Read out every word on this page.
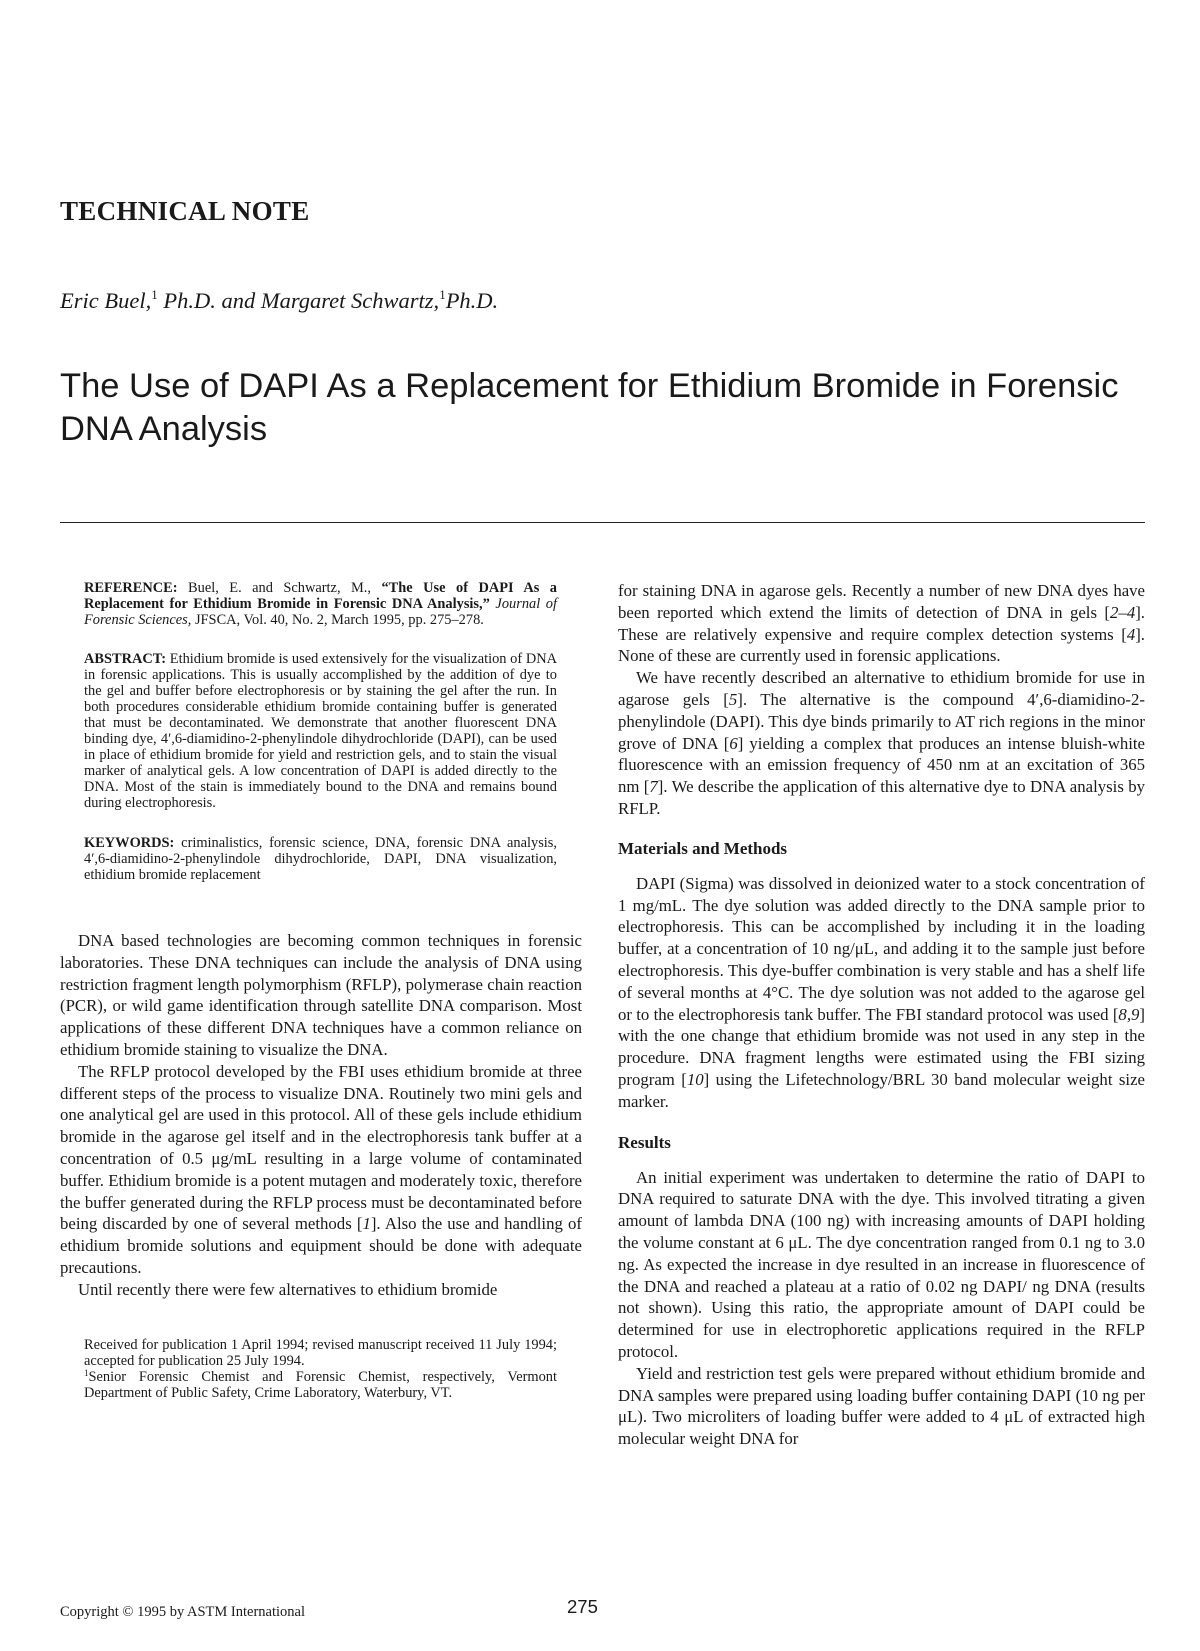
TECHNICAL NOTE
Eric Buel,$^1$ Ph.D. and Margaret Schwartz,$^1$Ph.D.
The Use of DAPI As a Replacement for Ethidium Bromide in Forensic DNA Analysis

REFERENCE: Buel, E. and Schwartz, M., “The Use of DAPI As a Replacement for Ethidium Bromide in Forensic DNA Analysis,” Journal of Forensic Sciences, JFSCA, Vol. 40, No. 2, March 1995, pp. 275–278.

ABSTRACT: Ethidium bromide is used extensively for the visualization of DNA in forensic applications. This is usually accomplished by the addition of dye to the gel and buffer before electrophoresis or by staining the gel after the run. In both procedures considerable ethidium bromide containing buffer is generated that must be decontaminated. We demonstrate that another fluorescent DNA binding dye, 4′,6-diamidino-2-phenylindole dihydrochloride (DAPI), can be used in place of ethidium bromide for yield and restriction gels, and to stain the visual marker of analytical gels. A low concentration of DAPI is added directly to the DNA. Most of the stain is immediately bound to the DNA and remains bound during electrophoresis.

KEYWORDS: criminalistics, forensic science, DNA, forensic DNA analysis, 4′,6-diamidino-2-phenylindole dihydrochloride, DAPI, DNA visualization, ethidium bromide replacement

DNA based technologies are becoming common techniques in forensic laboratories. These DNA techniques can include the analysis of DNA using restriction fragment length polymorphism (RFLP), polymerase chain reaction (PCR), or wild game identification through satellite DNA comparison. Most applications of these different DNA techniques have a common reliance on ethidium bromide staining to visualize the DNA.

The RFLP protocol developed by the FBI uses ethidium bromide at three different steps of the process to visualize DNA. Routinely two mini gels and one analytical gel are used in this protocol. All of these gels include ethidium bromide in the agarose gel itself and in the electrophoresis tank buffer at a concentration of 0.5 μg/mL resulting in a large volume of contaminated buffer. Ethidium bromide is a potent mutagen and moderately toxic, therefore the buffer generated during the RFLP process must be decontaminated before being discarded by one of several methods [1]. Also the use and handling of ethidium bromide solutions and equipment should be done with adequate precautions.

Until recently there were few alternatives to ethidium bromide

Received for publication 1 April 1994; revised manuscript received 11 July 1994; accepted for publication 25 July 1994.

$^1$Senior Forensic Chemist and Forensic Chemist, respectively, Vermont Department of Public Safety, Crime Laboratory, Waterbury, VT.

for staining DNA in agarose gels. Recently a number of new DNA dyes have been reported which extend the limits of detection of DNA in gels [2–4]. These are relatively expensive and require complex detection systems [4]. None of these are currently used in forensic applications.

We have recently described an alternative to ethidium bromide for use in agarose gels [5]. The alternative is the compound 4′,6-diamidino-2-phenylindole (DAPI). This dye binds primarily to AT rich regions in the minor grove of DNA [6] yielding a complex that produces an intense bluish-white fluorescence with an emission frequency of 450 nm at an excitation of 365 nm [7]. We describe the application of this alternative dye to DNA analysis by RFLP.

Materials and Methods

DAPI (Sigma) was dissolved in deionized water to a stock concentration of 1 mg/mL. The dye solution was added directly to the DNA sample prior to electrophoresis. This can be accomplished by including it in the loading buffer, at a concentration of 10 ng/μL, and adding it to the sample just before electrophoresis. This dye-buffer combination is very stable and has a shelf life of several months at 4°C. The dye solution was not added to the agarose gel or to the electrophoresis tank buffer. The FBI standard protocol was used [8,9] with the one change that ethidium bromide was not used in any step in the procedure. DNA fragment lengths were estimated using the FBI sizing program [10] using the Lifetechnology/BRL 30 band molecular weight size marker.

Results

An initial experiment was undertaken to determine the ratio of DAPI to DNA required to saturate DNA with the dye. This involved titrating a given amount of lambda DNA (100 ng) with increasing amounts of DAPI holding the volume constant at 6 μL. The dye concentration ranged from 0.1 ng to 3.0 ng. As expected the increase in dye resulted in an increase in fluorescence of the DNA and reached a plateau at a ratio of 0.02 ng DAPI/ ng DNA (results not shown). Using this ratio, the appropriate amount of DAPI could be determined for use in electrophoretic applications required in the RFLP protocol.

Yield and restriction test gels were prepared without ethidium bromide and DNA samples were prepared using loading buffer containing DAPI (10 ng per μL). Two microliters of loading buffer were added to 4 μL of extracted high molecular weight DNA for

Copyright © 1995 by ASTM International	275
